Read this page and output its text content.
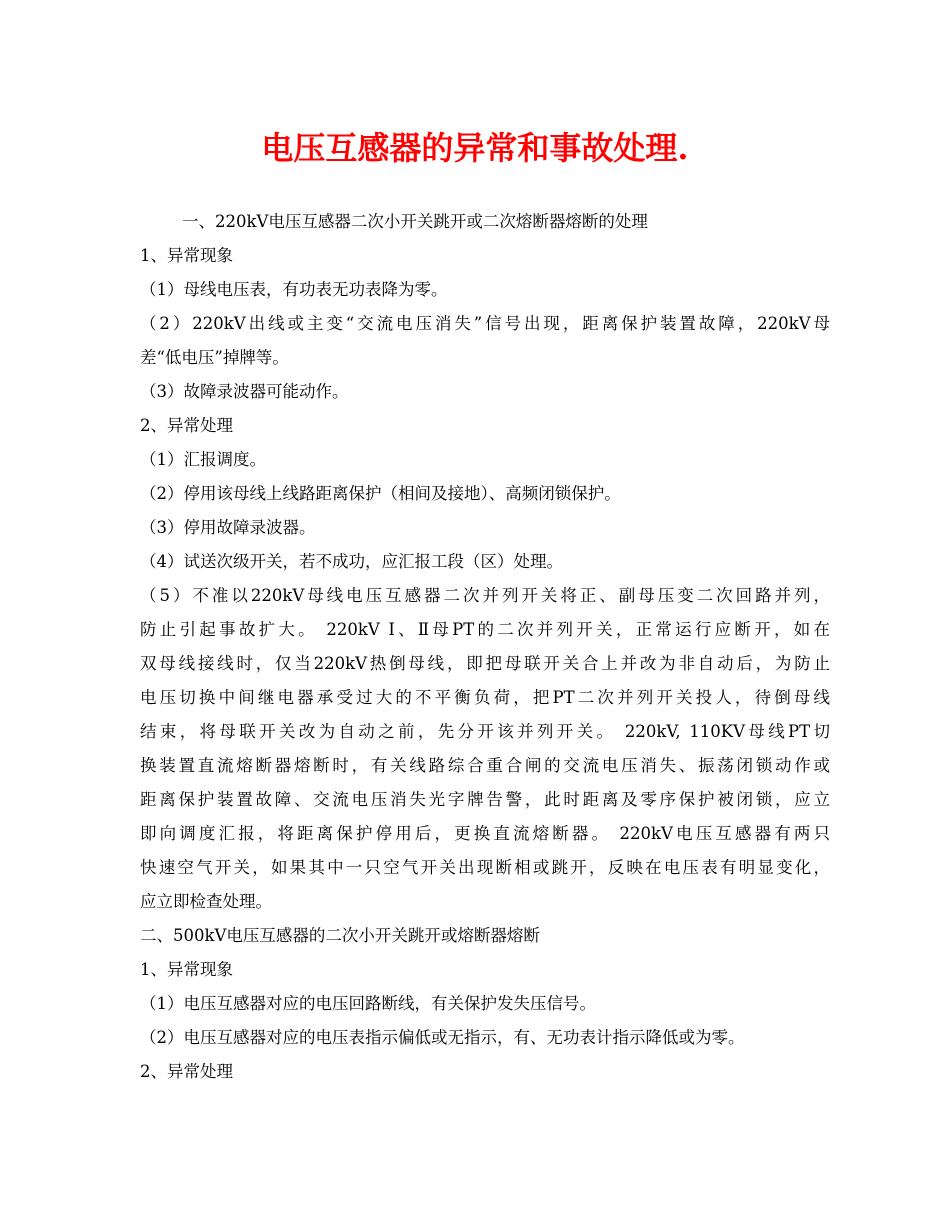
电压互感器的异常和事故处理.

一、220kV电压互感器二次小开关跳开或二次熔断器熔断的处理

1、异常现象

（1）母线电压表，有功表无功表降为零。

（2）220kV出线或主变“交流电压消失”信号出现，距离保护装置故障，220kV母

差“低电压”掉牌等。

（3）故障录波器可能动作。

2、异常处理

（1）汇报调度。

（2）停用该母线上线路距离保护（相间及接地）、高频闭锁保护。

（3）停用故障录波器。

（4）试送次级开关，若不成功，应汇报工段（区）处理。

（5）不准以220kV母线电压互感器二次并列开关将正、副母压变二次回路并列，

防止引起事故扩大。 220kV Ⅰ、Ⅱ母PT的二次并列开关，正常运行应断开，如在

双母线接线时，仅当220kV热倒母线，即把母联开关合上并改为非自动后，为防止

电压切换中间继电器承受过大的不平衡负荷，把PT二次并列开关投人，待倒母线

结束，将母联开关改为自动之前，先分开该并列开关。 220kV, 110KV母线PT切

换装置直流熔断器熔断时，有关线路综合重合闸的交流电压消失、振荡闭锁动作或

距离保护装置故障、交流电压消失光字牌告警，此时距离及零序保护被闭锁，应立

即向调度汇报，将距离保护停用后，更换直流熔断器。 220kV电压互感器有两只

快速空气开关，如果其中一只空气开关出现断相或跳开，反映在电压表有明显变化，

应立即检查处理。

二、500kV电压互感器的二次小开关跳开或熔断器熔断

1、异常现象

（1）电压互感器对应的电压回路断线，有关保护发失压信号。

（2）电压互感器对应的电压表指示偏低或无指示，有、无功表计指示降低或为零。

2、异常处理
